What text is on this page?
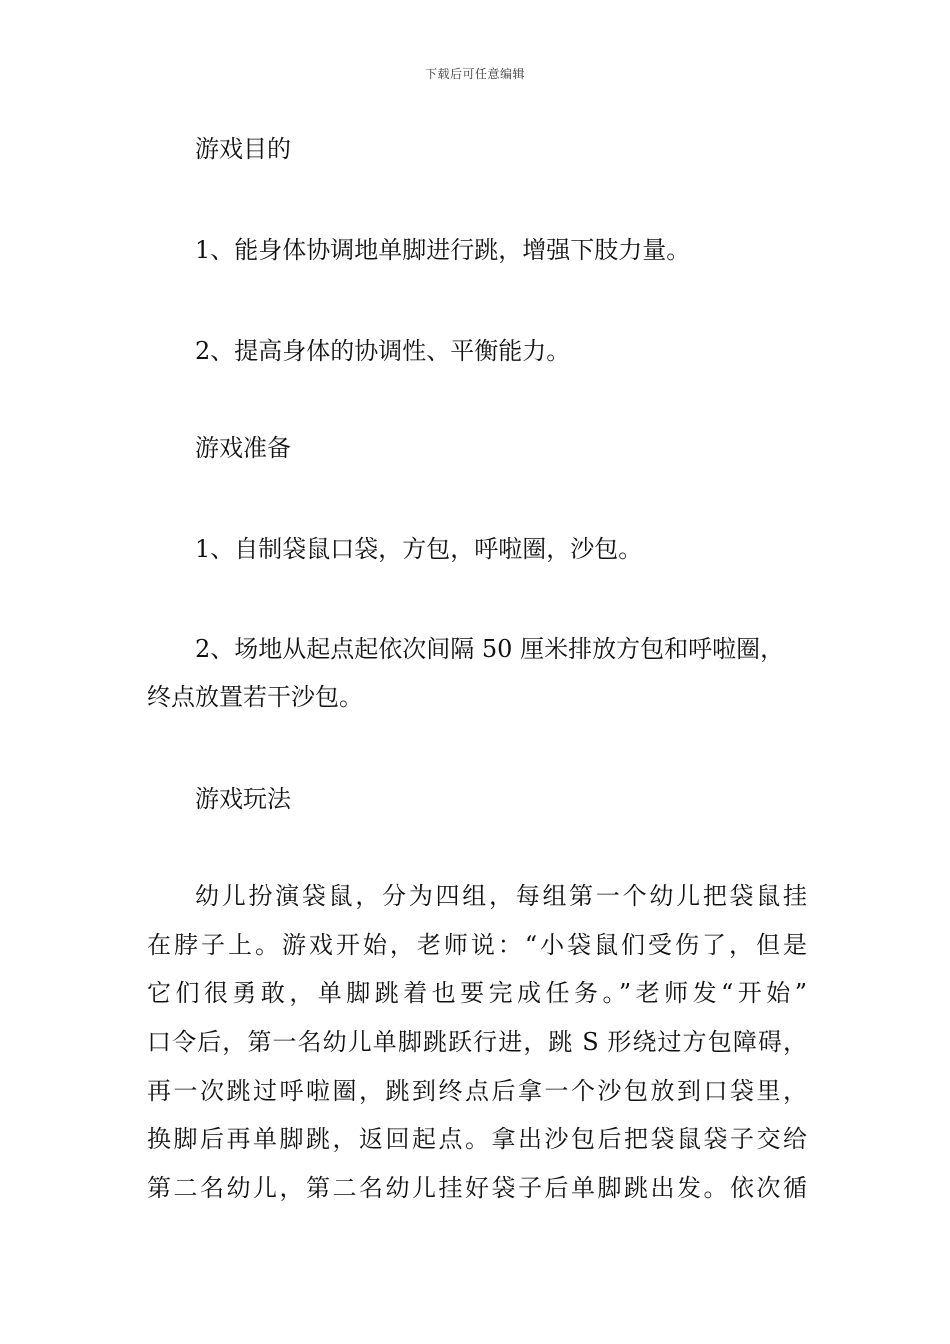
下载后可任意编辑
游戏目的
1、能身体协调地单脚进行跳，增强下肢力量。
2、提高身体的协调性、平衡能力。
游戏准备
1、自制袋鼠口袋，方包，呼啦圈，沙包。
2、场地从起点起依次间隔 50 厘米排放方包和呼啦圈，
终点放置若干沙包。
游戏玩法
幼儿扮演袋鼠，分为四组，每组第一个幼儿把袋鼠挂
在脖子上。游戏开始，老师说：“小袋鼠们受伤了，但是
它们很勇敢，单脚跳着也要完成任务。”老师发“开始”
口令后，第一名幼儿单脚跳跃行进，跳 S 形绕过方包障碍，
再一次跳过呼啦圈，跳到终点后拿一个沙包放到口袋里，
换脚后再单脚跳，返回起点。拿出沙包后把袋鼠袋子交给
第二名幼儿，第二名幼儿挂好袋子后单脚跳出发。依次循
